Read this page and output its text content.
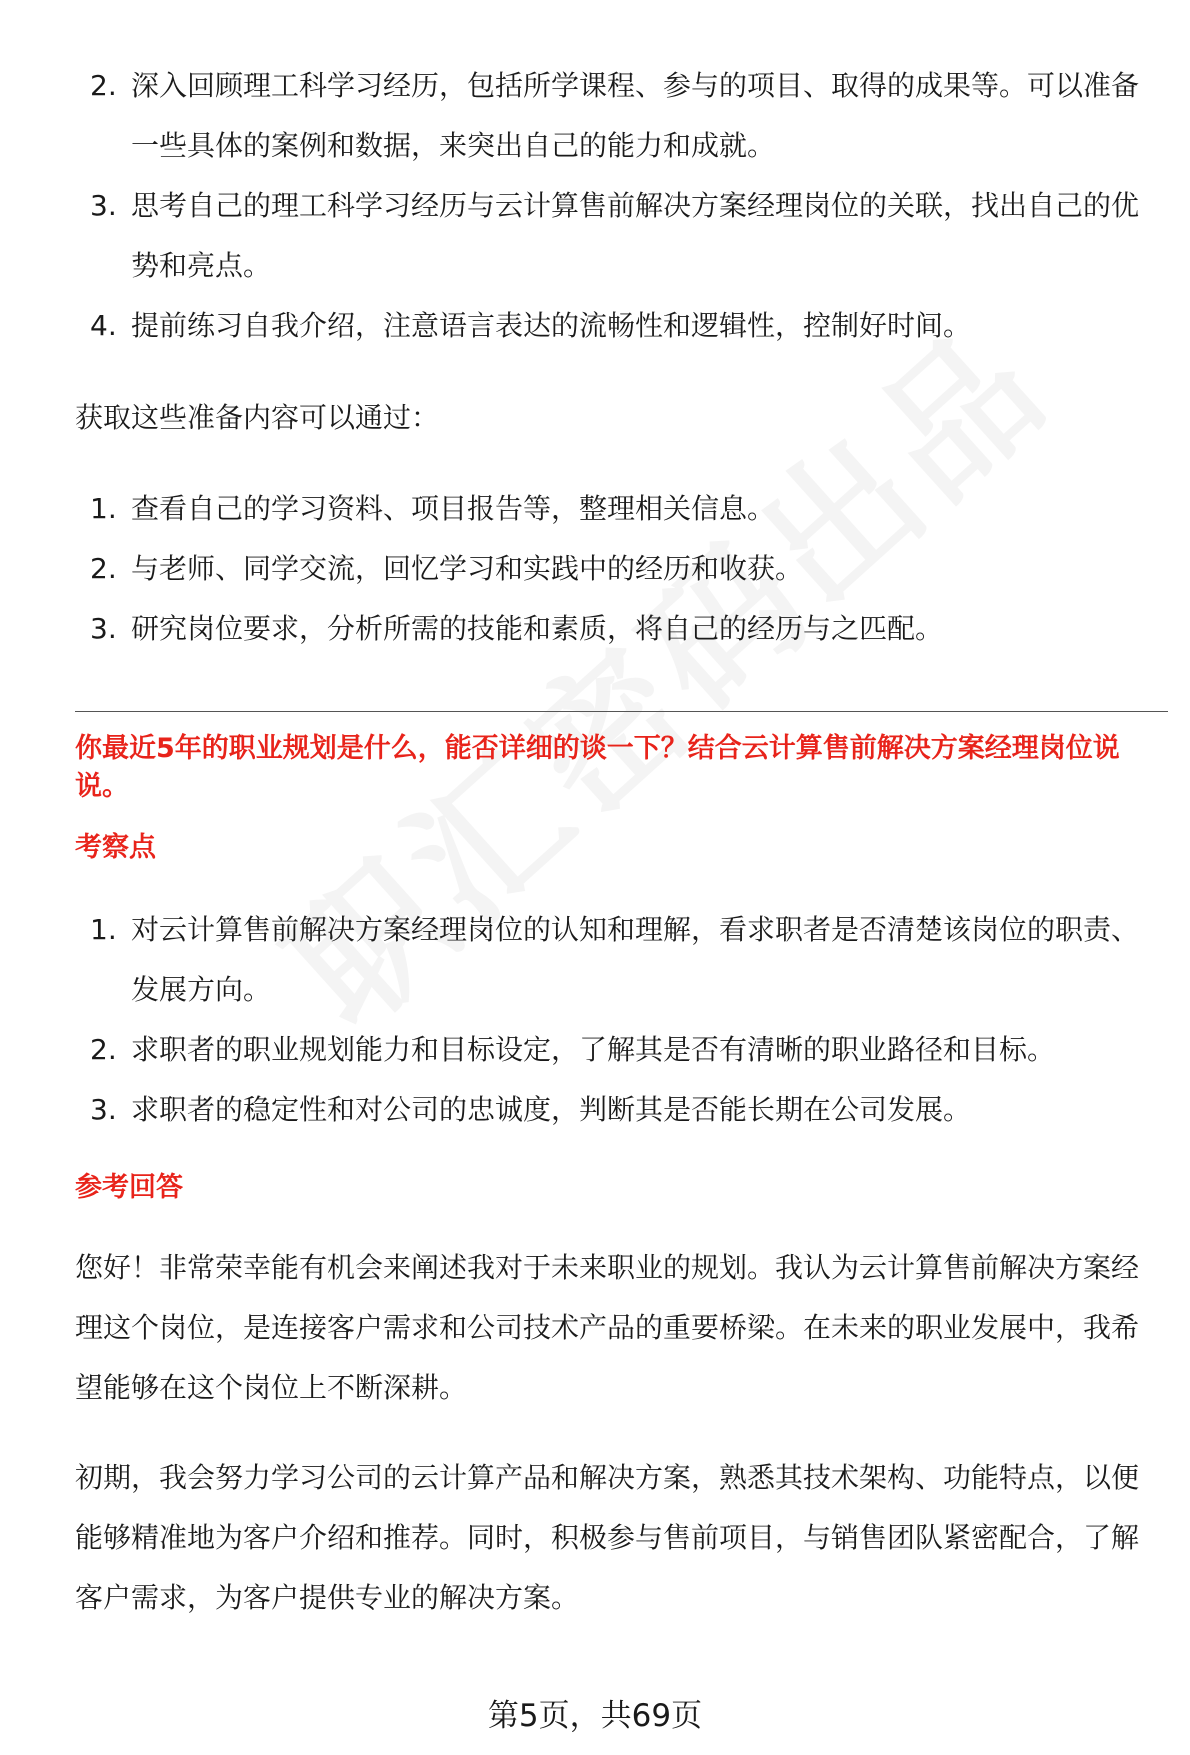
2. 深入回顾理工科学习经历，包括所学课程、参与的项目、取得的成果等。可以准备一些具体的案例和数据，来突出自己的能力和成就。
3. 思考自己的理工科学习经历与云计算售前解决方案经理岗位的关联，找出自己的优势和亮点。
4. 提前练习自我介绍，注意语言表达的流畅性和逻辑性，控制好时间。

获取这些准备内容可以通过：

1. 查看自己的学习资料、项目报告等，整理相关信息。
2. 与老师、同学交流，回忆学习和实践中的经历和收获。
3. 研究岗位要求，分析所需的技能和素质，将自己的经历与之匹配。

你最近5年的职业规划是什么，能否详细的谈一下？结合云计算售前解决方案经理岗位说说。

考察点

1. 对云计算售前解决方案经理岗位的认知和理解，看求职者是否清楚该岗位的职责、发展方向。
2. 求职者的职业规划能力和目标设定，了解其是否有清晰的职业路径和目标。
3. 求职者的稳定性和对公司的忠诚度，判断其是否能长期在公司发展。

参考回答

您好！非常荣幸能有机会来阐述我对于未来职业的规划。我认为云计算售前解决方案经理这个岗位，是连接客户需求和公司技术产品的重要桥梁。在未来的职业发展中，我希望能够在这个岗位上不断深耕。

初期，我会努力学习公司的云计算产品和解决方案，熟悉其技术架构、功能特点，以便能够精准地为客户介绍和推荐。同时，积极参与售前项目，与销售团队紧密配合，了解客户需求，为客户提供专业的解决方案。

第5页，共69页
